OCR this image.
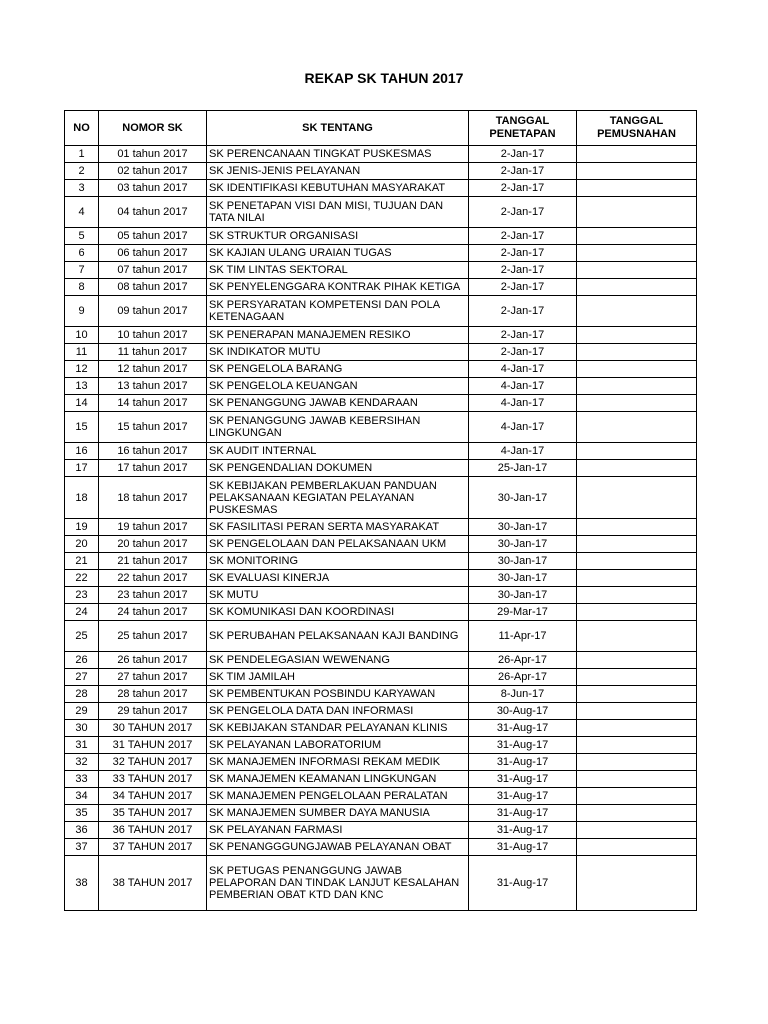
REKAP SK TAHUN 2017
NO	NOMOR SK	SK TENTANG	TANGGAL PENETAPAN	TANGGAL PEMUSNAHAN
1	01 tahun 2017	SK PERENCANAAN TINGKAT PUSKESMAS	2-Jan-17	
2	02 tahun 2017	SK JENIS-JENIS PELAYANAN	2-Jan-17	
3	03 tahun 2017	SK IDENTIFIKASI KEBUTUHAN MASYARAKAT	2-Jan-17	
4	04 tahun 2017	SK PENETAPAN VISI DAN MISI, TUJUAN DAN TATA NILAI	2-Jan-17	
5	05 tahun 2017	SK STRUKTUR ORGANISASI	2-Jan-17	
6	06 tahun 2017	SK KAJIAN ULANG URAIAN TUGAS	2-Jan-17	
7	07 tahun 2017	SK TIM LINTAS SEKTORAL	2-Jan-17	
8	08 tahun 2017	SK PENYELENGGARA KONTRAK PIHAK KETIGA	2-Jan-17	
9	09 tahun 2017	SK PERSYARATAN KOMPETENSI DAN POLA KETENAGAAN	2-Jan-17	
10	10 tahun 2017	SK PENERAPAN MANAJEMEN RESIKO	2-Jan-17	
11	11 tahun 2017	SK INDIKATOR MUTU	2-Jan-17	
12	12 tahun 2017	SK PENGELOLA BARANG	4-Jan-17	
13	13 tahun 2017	SK PENGELOLA KEUANGAN	4-Jan-17	
14	14 tahun 2017	SK PENANGGUNG JAWAB KENDARAAN	4-Jan-17	
15	15 tahun 2017	SK PENANGGUNG JAWAB KEBERSIHAN LINGKUNGAN	4-Jan-17	
16	16 tahun 2017	SK AUDIT INTERNAL	4-Jan-17	
17	17 tahun 2017	SK PENGENDALIAN DOKUMEN	25-Jan-17	
18	18 tahun 2017	SK KEBIJAKAN PEMBERLAKUAN PANDUAN PELAKSANAAN KEGIATAN PELAYANAN PUSKESMAS	30-Jan-17	
19	19 tahun 2017	SK FASILITASI PERAN SERTA MASYARAKAT	30-Jan-17	
20	20 tahun 2017	SK PENGELOLAAN DAN PELAKSANAAN UKM	30-Jan-17	
21	21 tahun 2017	SK MONITORING	30-Jan-17	
22	22 tahun 2017	SK EVALUASI KINERJA	30-Jan-17	
23	23 tahun 2017	SK MUTU	30-Jan-17	
24	24 tahun 2017	SK KOMUNIKASI DAN KOORDINASI	29-Mar-17	
25	25 tahun 2017	SK PERUBAHAN PELAKSANAAN KAJI BANDING	11-Apr-17	
26	26 tahun 2017	SK PENDELEGASIAN WEWENANG	26-Apr-17	
27	27 tahun 2017	SK TIM JAMILAH	26-Apr-17	
28	28 tahun 2017	SK PEMBENTUKAN POSBINDU KARYAWAN	8-Jun-17	
29	29 tahun 2017	SK PENGELOLA DATA DAN INFORMASI	30-Aug-17	
30	30 TAHUN 2017	SK KEBIJAKAN STANDAR PELAYANAN KLINIS	31-Aug-17	
31	31 TAHUN 2017	SK PELAYANAN LABORATORIUM	31-Aug-17	
32	32 TAHUN 2017	SK MANAJEMEN INFORMASI REKAM MEDIK	31-Aug-17	
33	33 TAHUN 2017	SK MANAJEMEN KEAMANAN LINGKUNGAN	31-Aug-17	
34	34 TAHUN 2017	SK MANAJEMEN PENGELOLAAN PERALATAN	31-Aug-17	
35	35 TAHUN 2017	SK MANAJEMEN SUMBER DAYA MANUSIA	31-Aug-17	
36	36 TAHUN 2017	SK PELAYANAN FARMASI	31-Aug-17	
37	37 TAHUN 2017	SK PENANGGGUNGJAWAB PELAYANAN OBAT	31-Aug-17	
38	38 TAHUN 2017	SK PETUGAS PENANGGUNG JAWAB PELAPORAN DAN TINDAK LANJUT KESALAHAN PEMBERIAN OBAT KTD DAN KNC	31-Aug-17	
